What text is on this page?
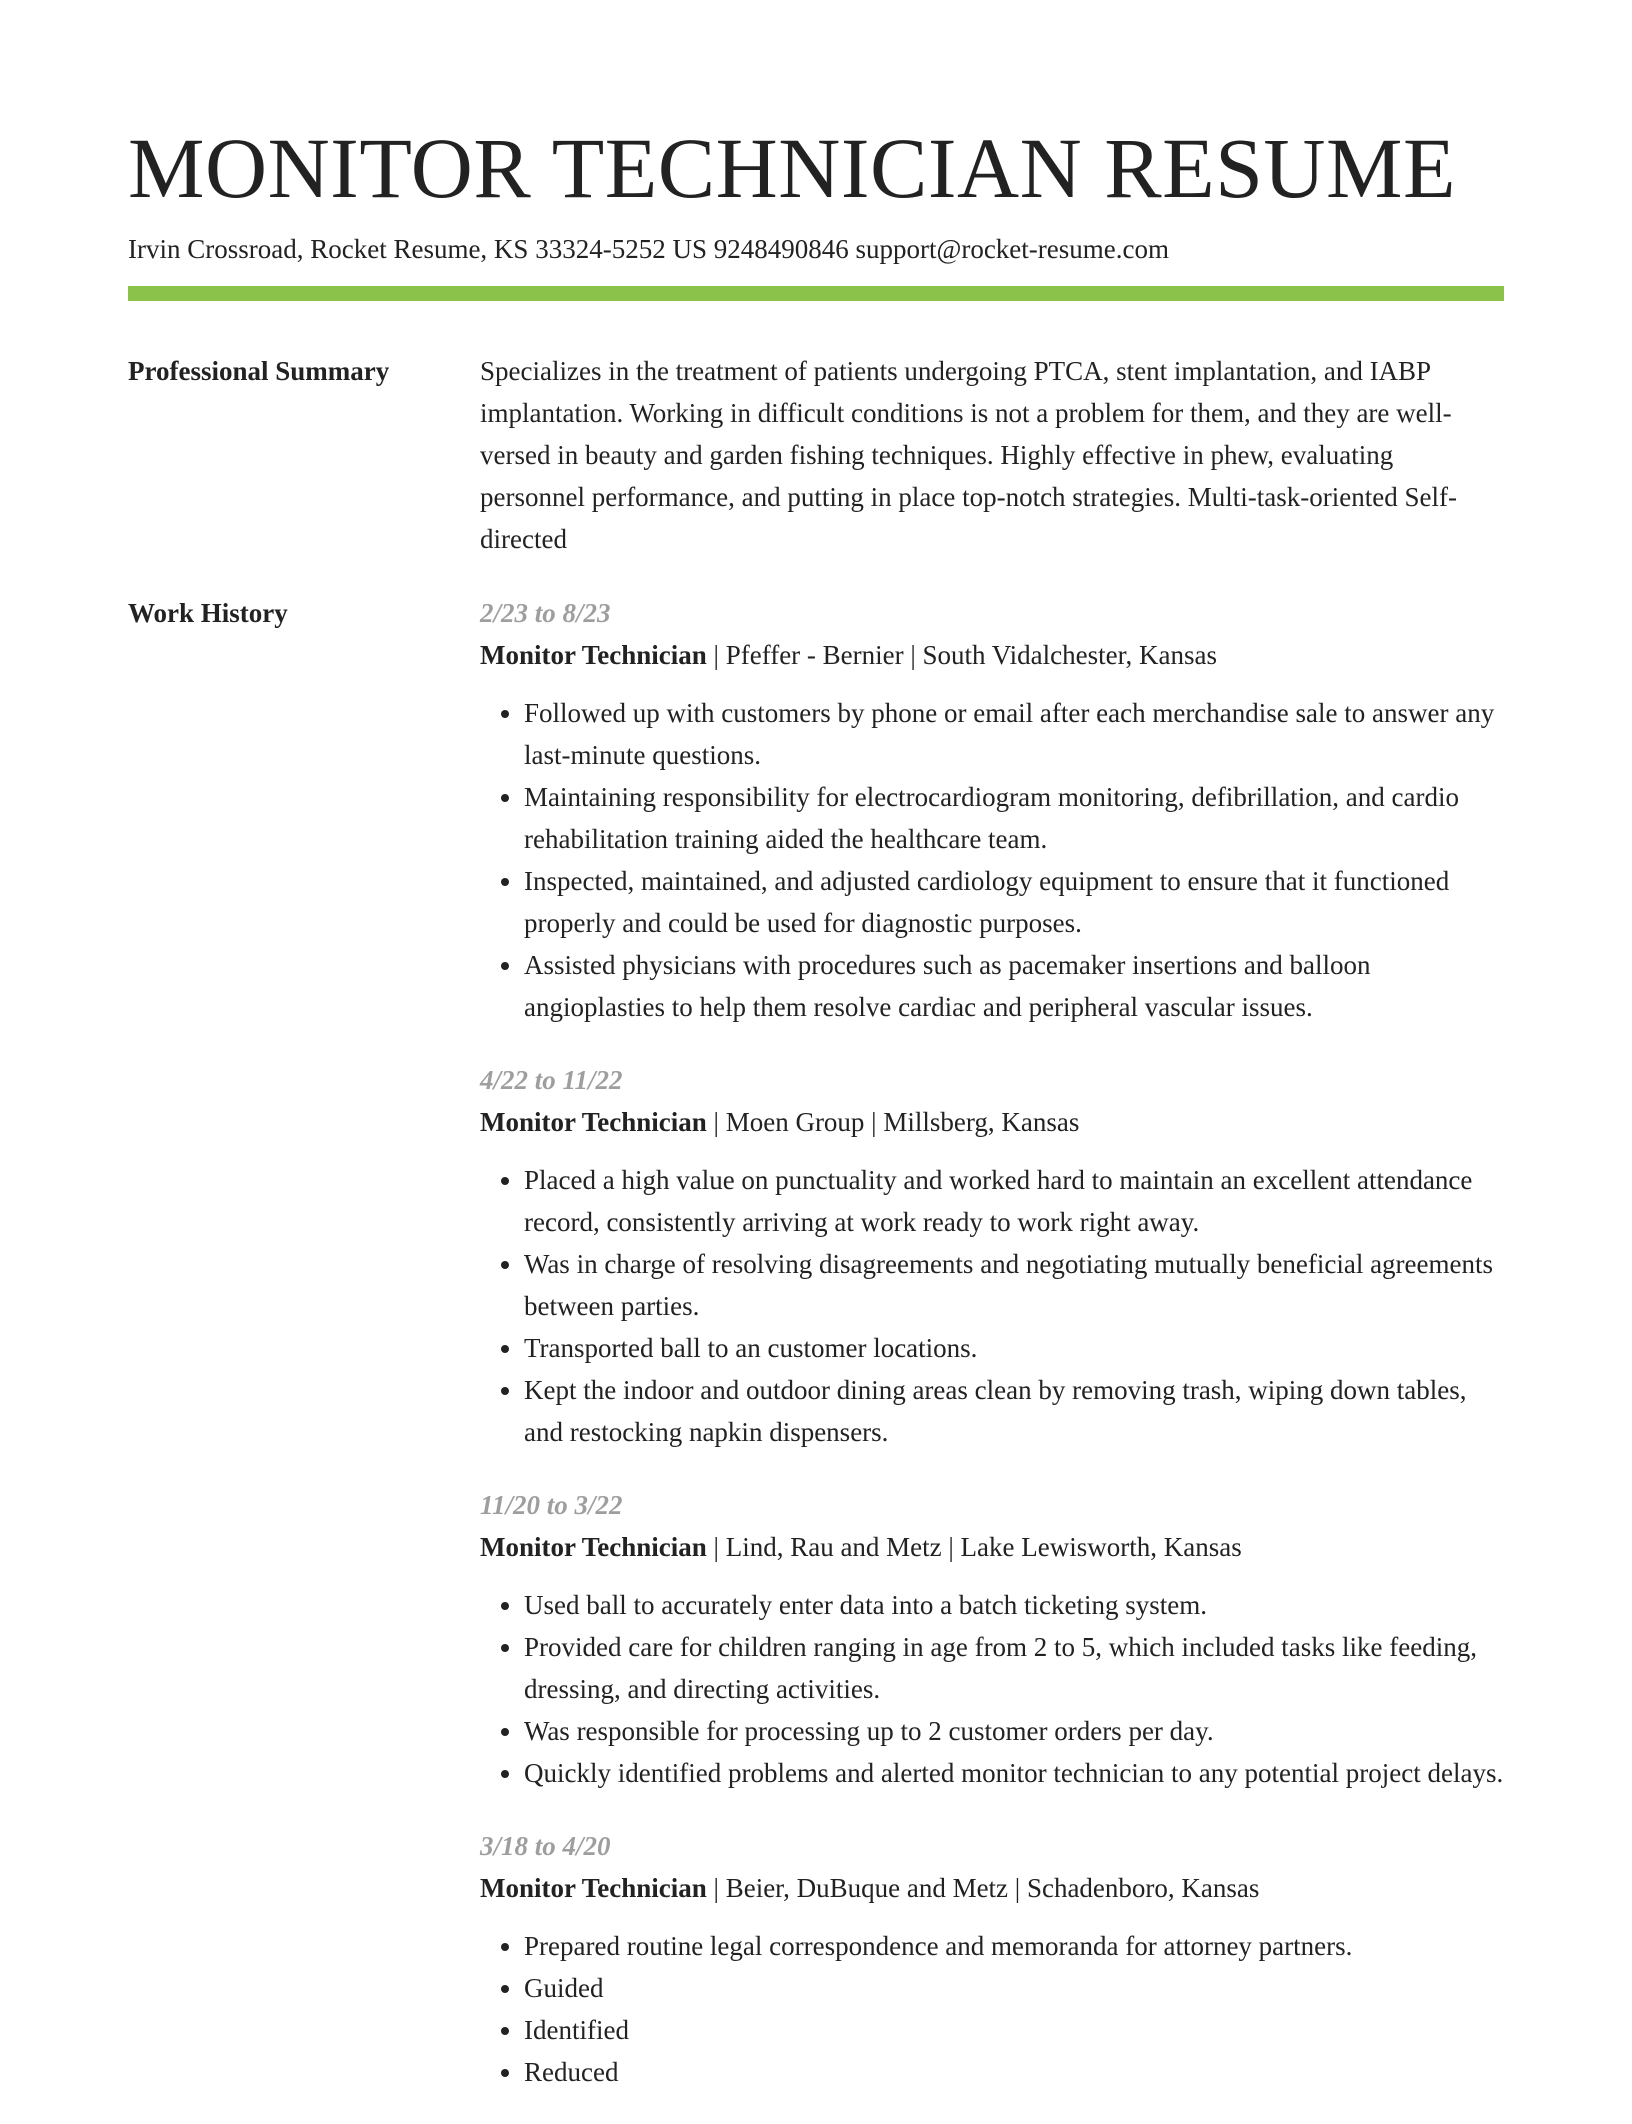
MONITOR TECHNICIAN RESUME
Irvin Crossroad, Rocket Resume, KS 33324-5252 US 9248490846 support@rocket-resume.com
Professional Summary	Specializes in the treatment of patients undergoing PTCA, stent implantation, and IABP implantation. Working in difficult conditions is not a problem for them, and they are well-versed in beauty and garden fishing techniques. Highly effective in phew, evaluating personnel performance, and putting in place top-notch strategies. Multi-task-oriented Self-directed
Work History	2/23 to 8/23
Monitor Technician | Pfeffer - Bernier | South Vidalchester, Kansas
• Followed up with customers by phone or email after each merchandise sale to answer any last-minute questions.
• Maintaining responsibility for electrocardiogram monitoring, defibrillation, and cardio rehabilitation training aided the healthcare team.
• Inspected, maintained, and adjusted cardiology equipment to ensure that it functioned properly and could be used for diagnostic purposes.
• Assisted physicians with procedures such as pacemaker insertions and balloon angioplasties to help them resolve cardiac and peripheral vascular issues.
4/22 to 11/22
Monitor Technician | Moen Group | Millsberg, Kansas
• Placed a high value on punctuality and worked hard to maintain an excellent attendance record, consistently arriving at work ready to work right away.
• Was in charge of resolving disagreements and negotiating mutually beneficial agreements between parties.
• Transported ball to an customer locations.
• Kept the indoor and outdoor dining areas clean by removing trash, wiping down tables, and restocking napkin dispensers.
11/20 to 3/22
Monitor Technician | Lind, Rau and Metz | Lake Lewisworth, Kansas
• Used ball to accurately enter data into a batch ticketing system.
• Provided care for children ranging in age from 2 to 5, which included tasks like feeding, dressing, and directing activities.
• Was responsible for processing up to 2 customer orders per day.
• Quickly identified problems and alerted monitor technician to any potential project delays.
3/18 to 4/20
Monitor Technician | Beier, DuBuque and Metz | Schadenboro, Kansas
• Prepared routine legal correspondence and memoranda for attorney partners.
• Guided
• Identified
• Reduced
